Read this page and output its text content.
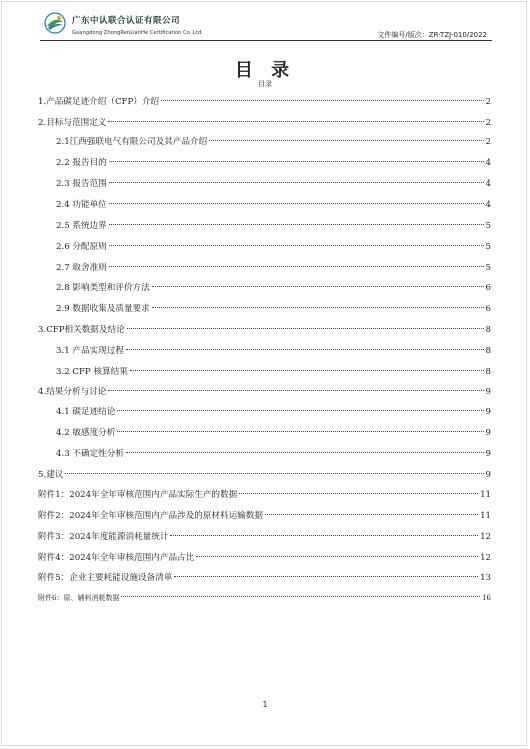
广东中认联合认证有限公司
Guangdong ZhongRenLianHe Certification Co.,Ltd.	文件编号/版次：ZR-TZJ-010/2022
目 录
目录
1.产品碳足迹介绍（CFP）介绍	2
2.目标与范围定义	2
2.1江西强联电气有限公司及其产品介绍	2
2.2 报告目的	4
2.3 报告范围	4
2.4 功能单位	4
2.5 系统边界	5
2.6 分配原则	5
2.7 取舍准则	5
2.8 影响类型和评价方法	6
2.9 数据收集及质量要求	6
3.CFP相关数据及结论	8
3.1 产品实现过程	8
3.2 CFP 核算结果	8
4.结果分析与讨论	9
4.1 碳足迹结论	9
4.2 敏感度分析	9
4.3 不确定性分析	9
5.建议	9
附件1：2024年全年审核范围内产品实际生产的数据	11
附件2：2024年全年审核范围内产品涉及的原材料运输数据	11
附件3：2024年度能源消耗量统计	12
附件4：2024年全年审核范围内产品占比	12
附件5：企业主要耗能设施设备清单	13
附件6：原、辅料消耗数据	16
1
